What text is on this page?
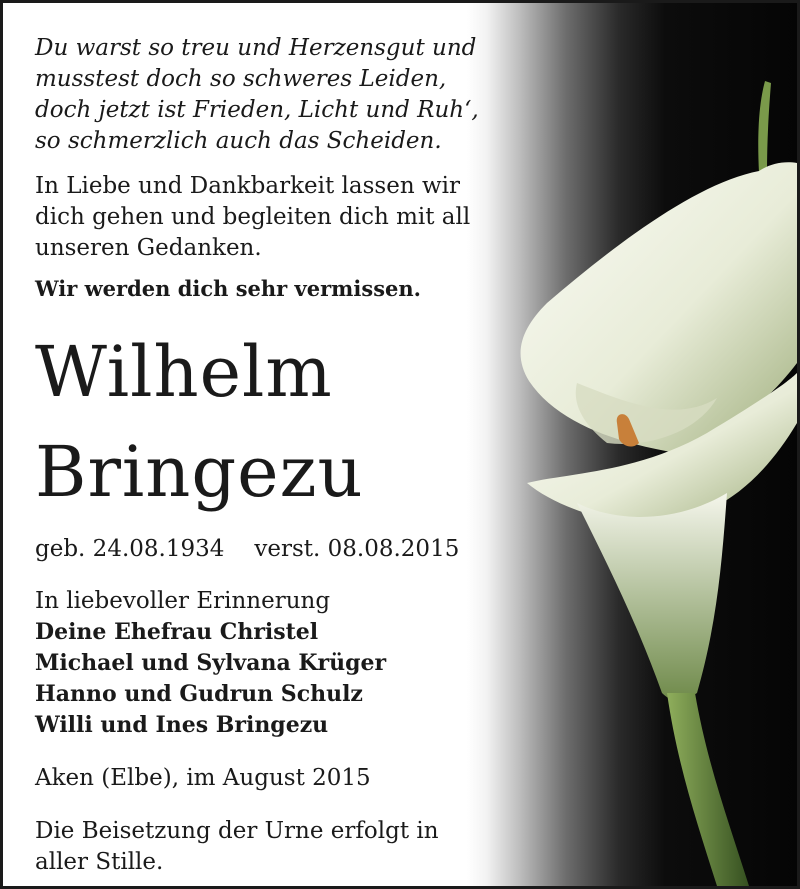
Du warst so treu und Herzensgut und
musstest doch so schweres Leiden,
doch jetzt ist Frieden, Licht und Ruh‘,
so schmerzlich auch das Scheiden.
In Liebe und Dankbarkeit lassen wir
dich gehen und begleiten dich mit all
unseren Gedanken.
Wir werden dich sehr vermissen.
Wilhelm
Bringezu
geb. 24.08.1934 verst. 08.08.2015
In liebevoller Erinnerung
Deine Ehefrau Christel
Michael und Sylvana Krüger
Hanno und Gudrun Schulz
Willi und Ines Bringezu
Aken (Elbe), im August 2015
Die Beisetzung der Urne erfolgt in
aller Stille.
